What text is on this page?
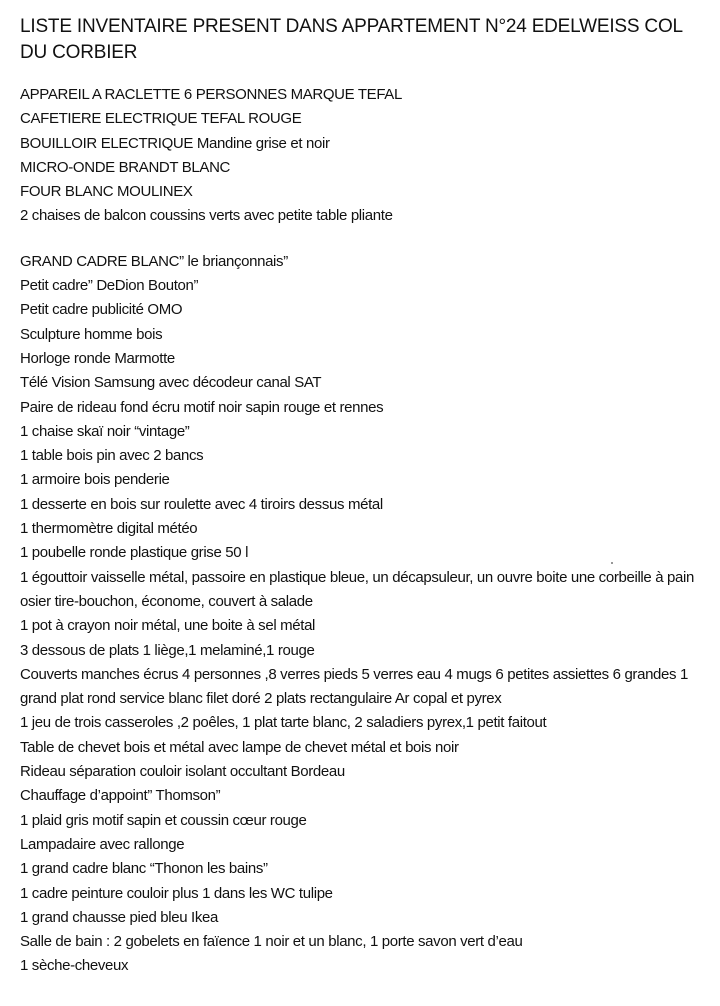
LISTE INVENTAIRE PRESENT DANS APPARTEMENT N°24 EDELWEISS COL DU CORBIER
APPAREIL A RACLETTE 6 PERSONNES MARQUE TEFAL
CAFETIERE ELECTRIQUE TEFAL ROUGE
BOUILLOIR ELECTRIQUE Mandine grise et noir
MICRO-ONDE BRANDT BLANC
FOUR BLANC MOULINEX
2 chaises de balcon coussins verts avec petite table pliante
GRAND CADRE BLANC” le briançonnais”
Petit cadre” DeDion Bouton”
Petit cadre publicité OMO
Sculpture homme bois
Horloge ronde Marmotte
Télé Vision Samsung avec décodeur canal SAT
Paire de rideau fond écru motif noir sapin rouge et rennes
1 chaise skaï noir “vintage”
1 table bois pin avec 2 bancs
1 armoire bois penderie
1 desserte en bois sur roulette avec 4 tiroirs dessus métal
1 thermomètre digital météo
1 poubelle ronde plastique grise 50 l
1 égouttoir vaisselle métal, passoire en plastique bleue, un décapsuleur, un ouvre boite une corbeille à pain osier tire-bouchon, économe, couvert à salade
1 pot à crayon noir métal, une boite à sel métal
3 dessous de plats 1 liège,1 melaminé,1 rouge
Couverts manches écrus 4 personnes ,8 verres pieds 5 verres eau 4 mugs 6 petites assiettes 6 grandes 1 grand plat rond service blanc filet doré 2 plats rectangulaire Ar copal et pyrex
1 jeu de trois casseroles ,2 poêles, 1 plat tarte blanc, 2 saladiers pyrex,1 petit faitout
Table de chevet bois et métal avec lampe de chevet métal et bois noir
Rideau séparation couloir isolant occultant Bordeau
Chauffage d’appoint” Thomson”
1 plaid gris motif sapin et coussin cœur rouge
Lampadaire avec rallonge
1 grand cadre blanc “Thonon les bains”
1 cadre peinture couloir plus 1 dans les WC tulipe
1 grand chausse pied bleu Ikea
Salle de bain : 2 gobelets en faïence 1 noir et un blanc, 1 porte savon vert d’eau
1 sèche-cheveux
